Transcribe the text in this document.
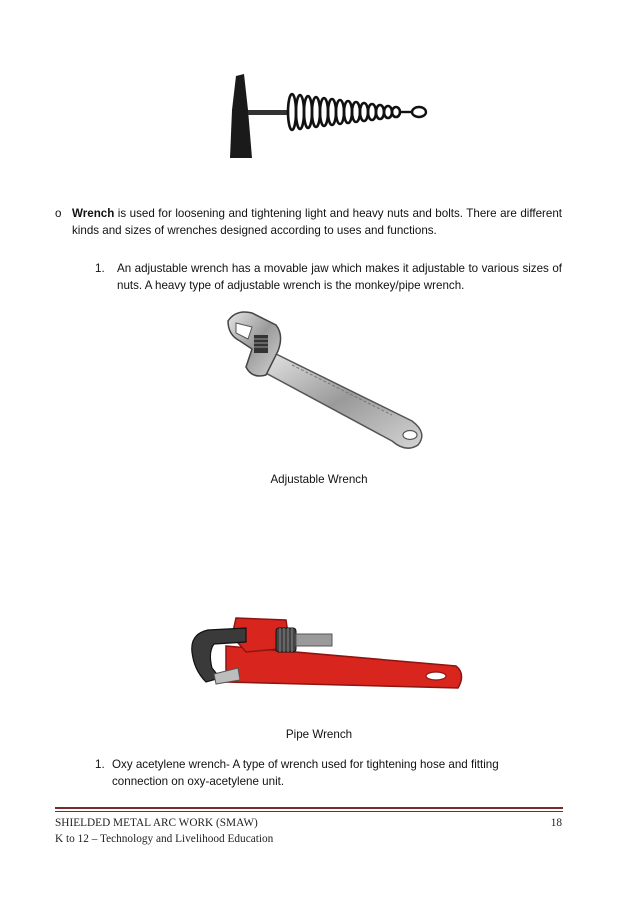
o Wrench is used for loosening and tightening light and heavy nuts and bolts. There are different kinds and sizes of wrenches designed according to uses and functions.
1. An adjustable wrench has a movable jaw which makes it adjustable to various sizes of nuts. A heavy type of adjustable wrench is the monkey/pipe wrench.
Adjustable Wrench
Pipe Wrench
1. Oxy acetylene wrench- A type of wrench used for tightening hose and fitting connection on oxy-acetylene unit.
SHIELDED METAL ARC WORK (SMAW)
K to 12 – Technology and Livelihood Education
18
